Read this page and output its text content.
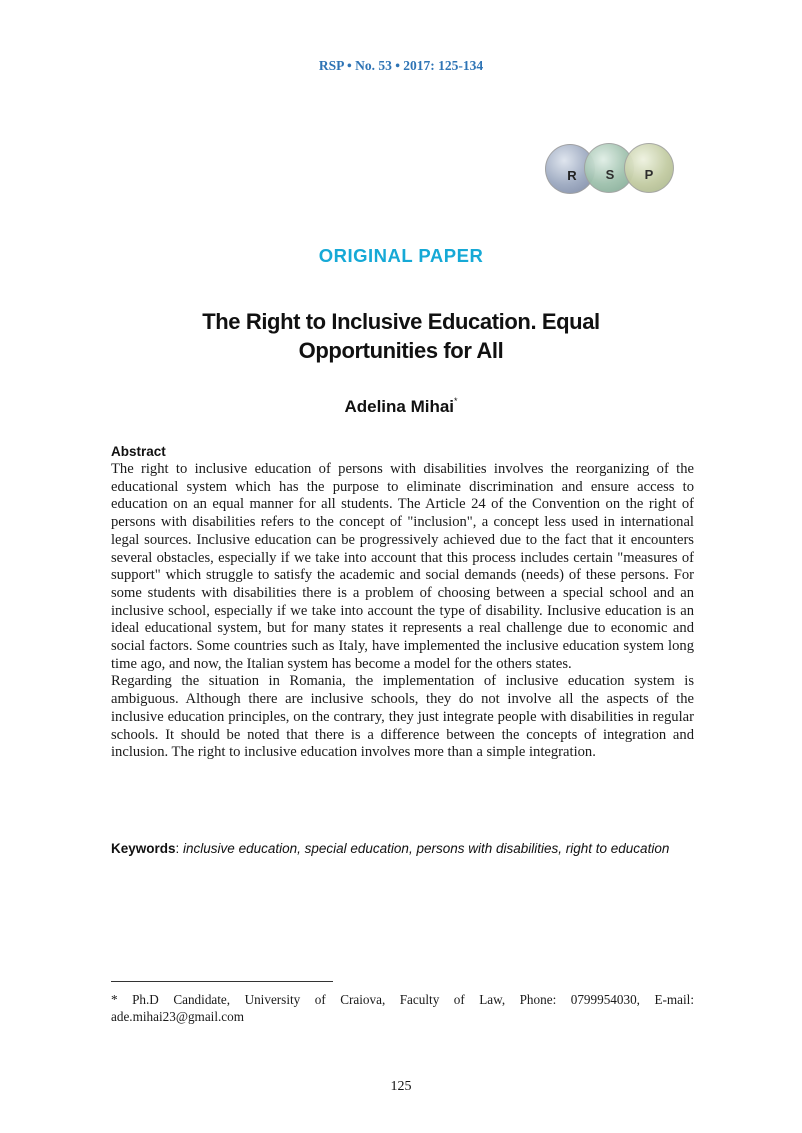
RSP • No. 53 • 2017: 125-134
R S P
ORIGINAL PAPER
The Right to Inclusive Education. Equal
Opportunities for All
Adelina Mihai*
Abstract

The right to inclusive education of persons with disabilities involves the reorganizing of the educational system which has the purpose to eliminate discrimination and ensure access to education on an equal manner for all students. The Article 24 of the Convention on the right of persons with disabilities refers to the concept of "inclusion", a concept less used in international legal sources. Inclusive education can be progressively achieved due to the fact that it encounters several obstacles, especially if we take into account that this process includes certain "measures of support" which struggle to satisfy the academic and social demands (needs) of these persons. For some students with disabilities there is a problem of choosing between a special school and an inclusive school, especially if we take into account the type of disability. Inclusive education is an ideal educational system, but for many states it represents a real challenge due to economic and social factors. Some countries such as Italy, have implemented the inclusive education system long time ago, and now, the Italian system has become a model for the others states.

Regarding the situation in Romania, the implementation of inclusive education system is ambiguous. Although there are inclusive schools, they do not involve all the aspects of the inclusive education principles, on the contrary, they just integrate people with disabilities in regular schools. It should be noted that there is a difference between the concepts of integration and inclusion. The right to inclusive education involves more than a simple integration.

Keywords: inclusive education, special education, persons with disabilities, right to education
* Ph.D Candidate, University of Craiova, Faculty of Law, Phone: 0799954030, E-mail: ade.mihai23@gmail.com
125
